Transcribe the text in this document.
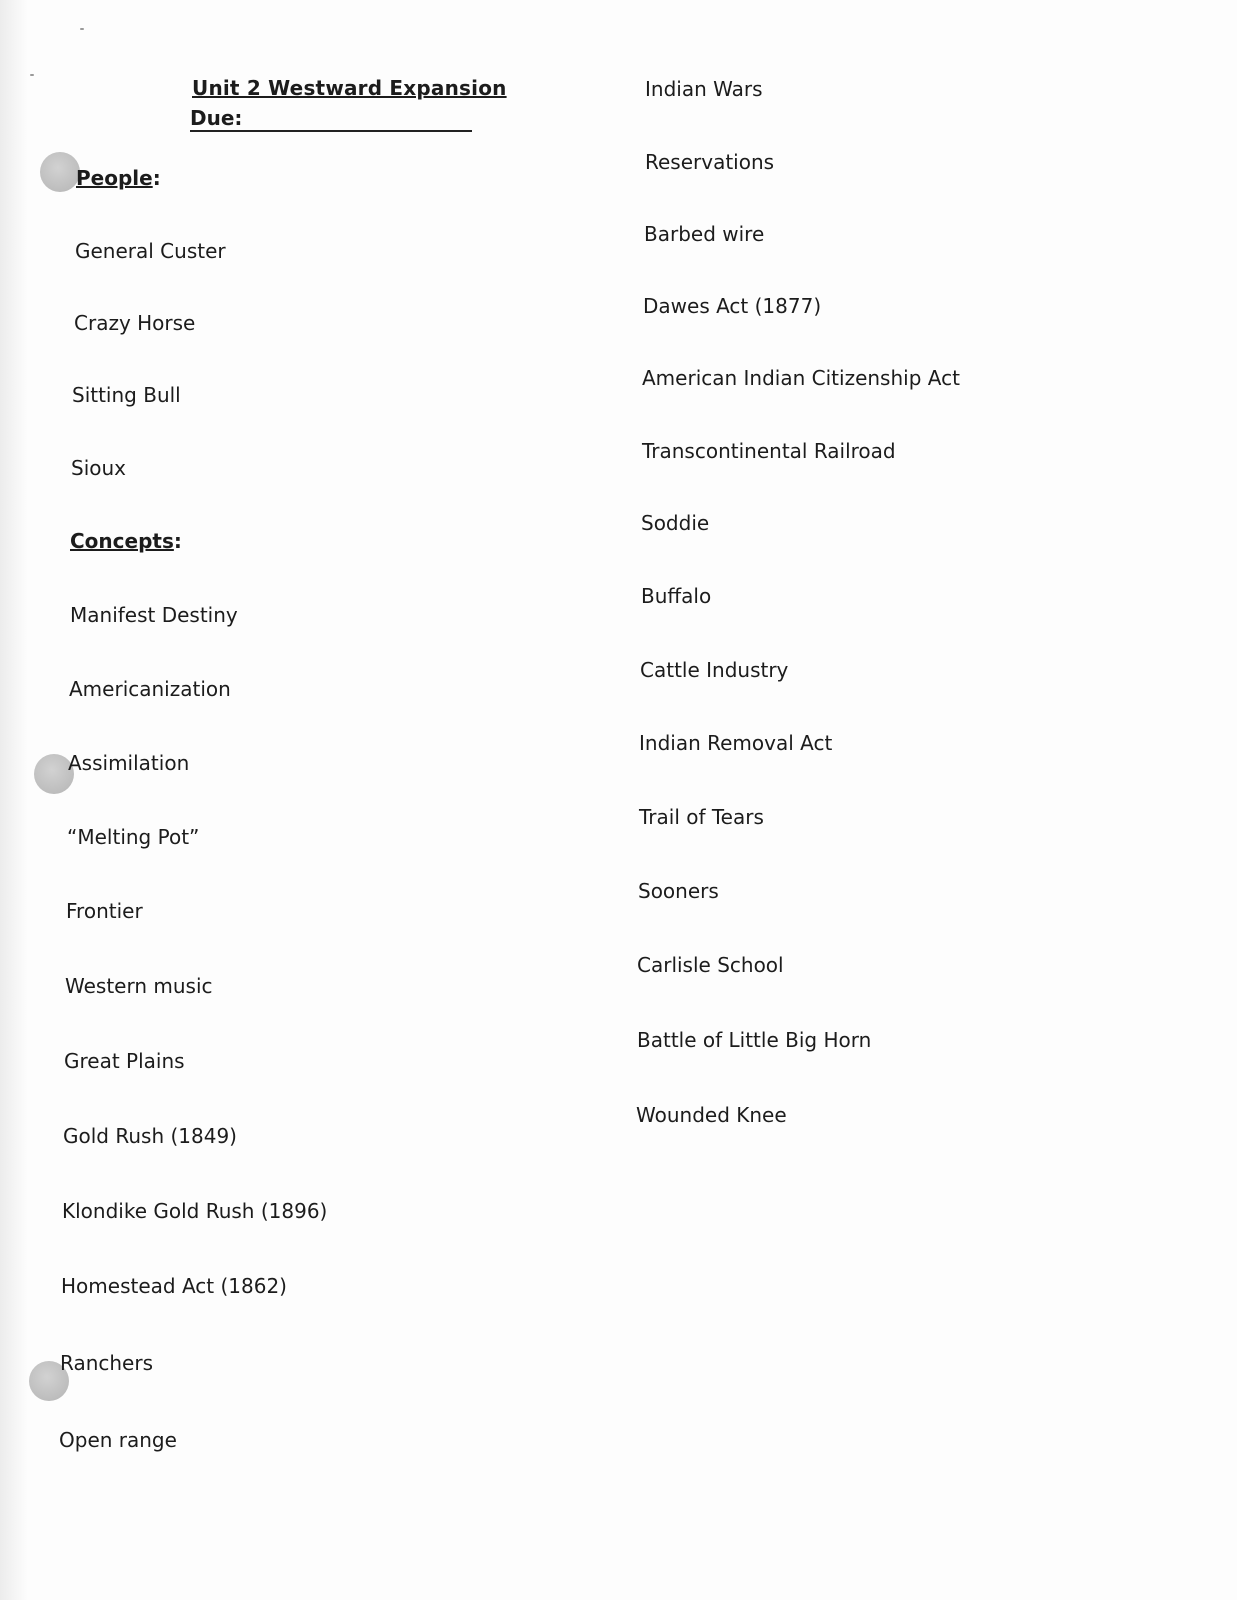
Unit 2 Westward Expansion
Due:
People:
General Custer
Crazy Horse
Sitting Bull
Sioux
Concepts:
Manifest Destiny
Americanization
Assimilation
“Melting Pot”
Frontier
Western music
Great Plains
Gold Rush (1849)
Klondike Gold Rush (1896)
Homestead Act (1862)
Ranchers
Open range
Indian Wars
Reservations
Barbed wire
Dawes Act (1877)
American Indian Citizenship Act
Transcontinental Railroad
Soddie
Buffalo
Cattle Industry
Indian Removal Act
Trail of Tears
Sooners
Carlisle School
Battle of Little Big Horn
Wounded Knee
